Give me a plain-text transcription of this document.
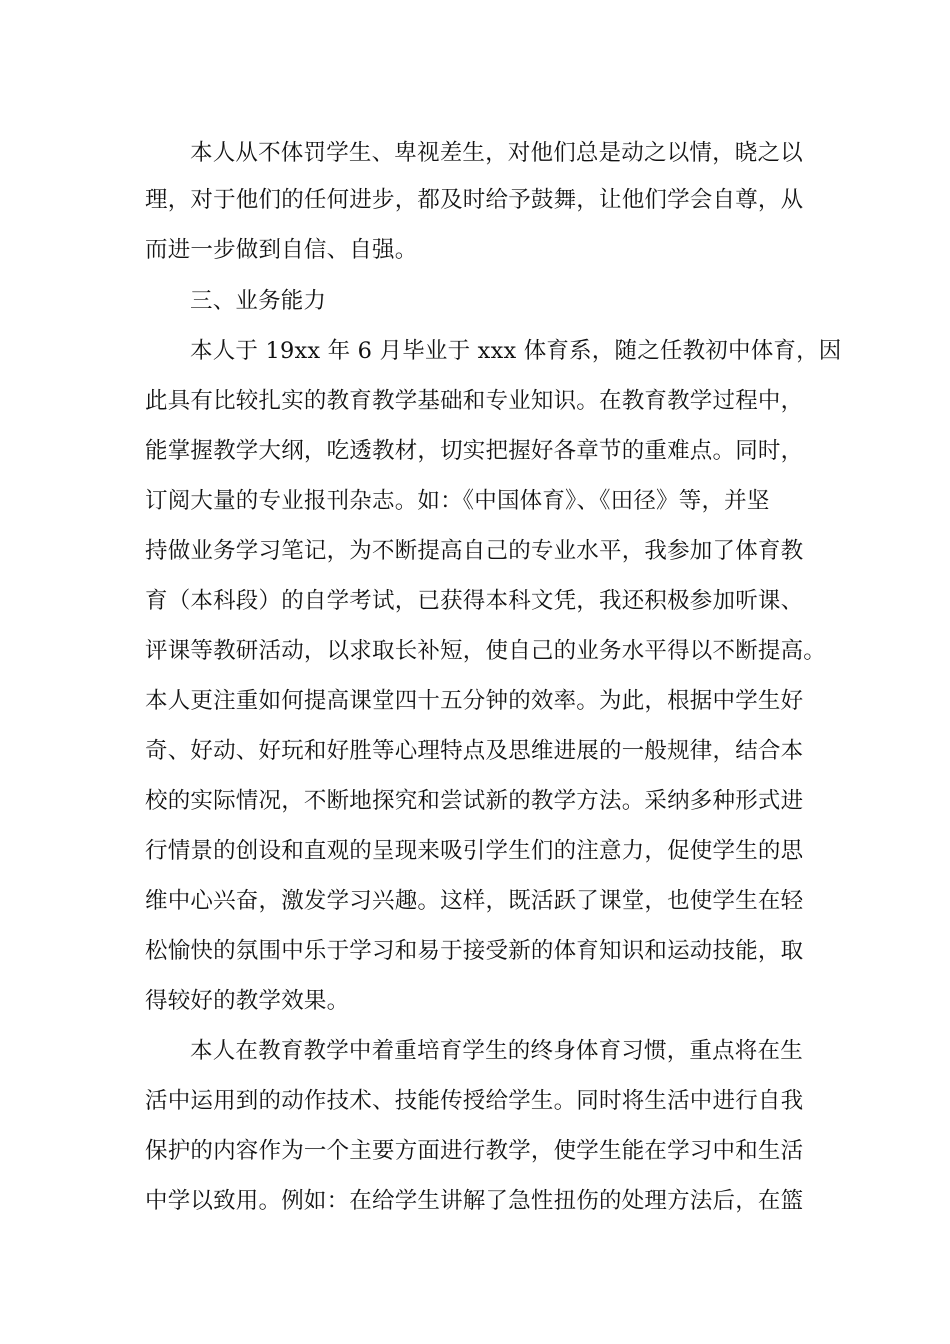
本人从不体罚学生、卑视差生，对他们总是动之以情，晓之以
理，对于他们的任何进步，都及时给予鼓舞，让他们学会自尊，从
而进一步做到自信、自强。
三、业务能力
本人于 19xx 年 6 月毕业于 xxx 体育系，随之任教初中体育，因
此具有比较扎实的教育教学基础和专业知识。在教育教学过程中，
能掌握教学大纲，吃透教材，切实把握好各章节的重难点。同时，
订阅大量的专业报刊杂志。如：《中国体育》、《田径》等，并坚
持做业务学习笔记，为不断提高自己的专业水平，我参加了体育教
育（本科段）的自学考试，已获得本科文凭，我还积极参加听课、
评课等教研活动，以求取长补短，使自己的业务水平得以不断提高。
本人更注重如何提高课堂四十五分钟的效率。为此，根据中学生好
奇、好动、好玩和好胜等心理特点及思维进展的一般规律，结合本
校的实际情况，不断地探究和尝试新的教学方法。采纳多种形式进
行情景的创设和直观的呈现来吸引学生们的注意力，促使学生的思
维中心兴奋，激发学习兴趣。这样，既活跃了课堂，也使学生在轻
松愉快的氛围中乐于学习和易于接受新的体育知识和运动技能，取
得较好的教学效果。
本人在教育教学中着重培育学生的终身体育习惯，重点将在生
活中运用到的动作技术、技能传授给学生。同时将生活中进行自我
保护的内容作为一个主要方面进行教学，使学生能在学习中和生活
中学以致用。例如：在给学生讲解了急性扭伤的处理方法后，在篮
